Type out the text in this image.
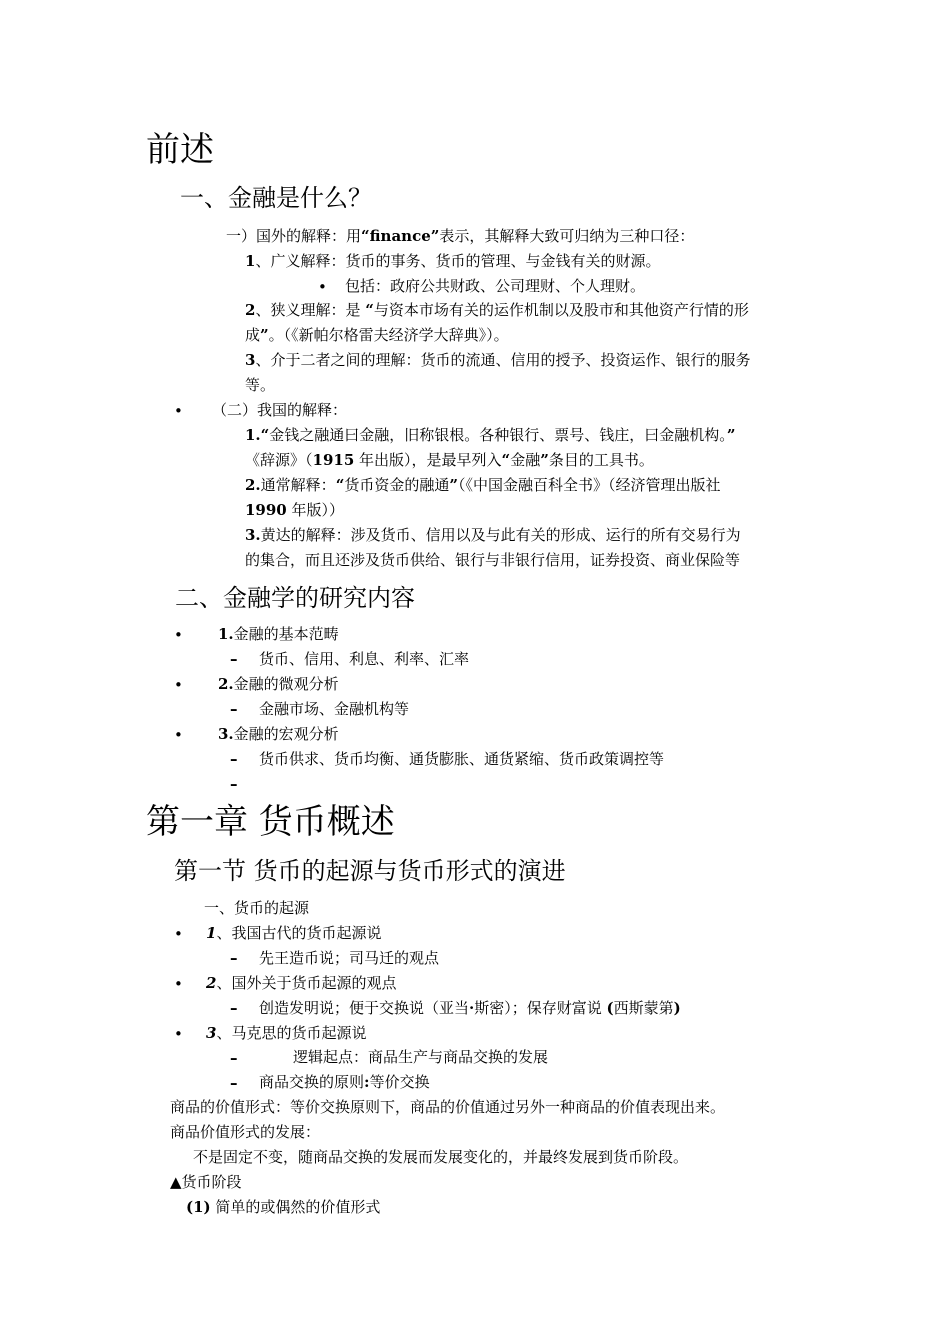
前述
一、金融是什么？
一）国外的解释：用“finance”表示，其解释大致可归纳为三种口径：
1、广义解释：货币的事务、货币的管理、与金钱有关的财源。
• 包括：政府公共财政、公司理财、个人理财。
2、狭义理解：是 “与资本市场有关的运作机制以及股市和其他资产行情的形
成”。（《新帕尔格雷夫经济学大辞典》）。
3、介于二者之间的理解：货币的流通、信用的授予、投资运作、银行的服务
等。
• （二）我国的解释：
1.“金钱之融通曰金融，旧称银根。各种银行、票号、钱庄，曰金融机构。”
《辞源》（1915 年出版），是最早列入“金融”条目的工具书。
2.通常解释：“货币资金的融通”（《中国金融百科全书》（经济管理出版社
1990 年版））
3.黄达的解释：涉及货币、信用以及与此有关的形成、运行的所有交易行为
的集合，而且还涉及货币供给、银行与非银行信用，证券投资、商业保险等
二、金融学的研究内容
• 1.金融的基本范畴
– 货币、信用、利息、利率、汇率
• 2.金融的微观分析
– 金融市场、金融机构等
• 3.金融的宏观分析
– 货币供求、货币均衡、通货膨胀、通货紧缩、货币政策调控等
–
第一章 货币概述
第一节 货币的起源与货币形式的演进
一、货币的起源
• 1、我国古代的货币起源说
– 先王造币说；司马迁的观点
• 2、国外关于货币起源的观点
– 创造发明说；便于交换说（亚当·斯密）；保存财富说 (西斯蒙第)
• 3、马克思的货币起源说
–	逻辑起点：商品生产与商品交换的发展
– 商品交换的原则:等价交换
商品的价值形式：等价交换原则下，商品的价值通过另外一种商品的价值表现出来。
商品价值形式的发展：
不是固定不变，随商品交换的发展而发展变化的，并最终发展到货币阶段。
▲货币阶段
(1) 简单的或偶然的价值形式
